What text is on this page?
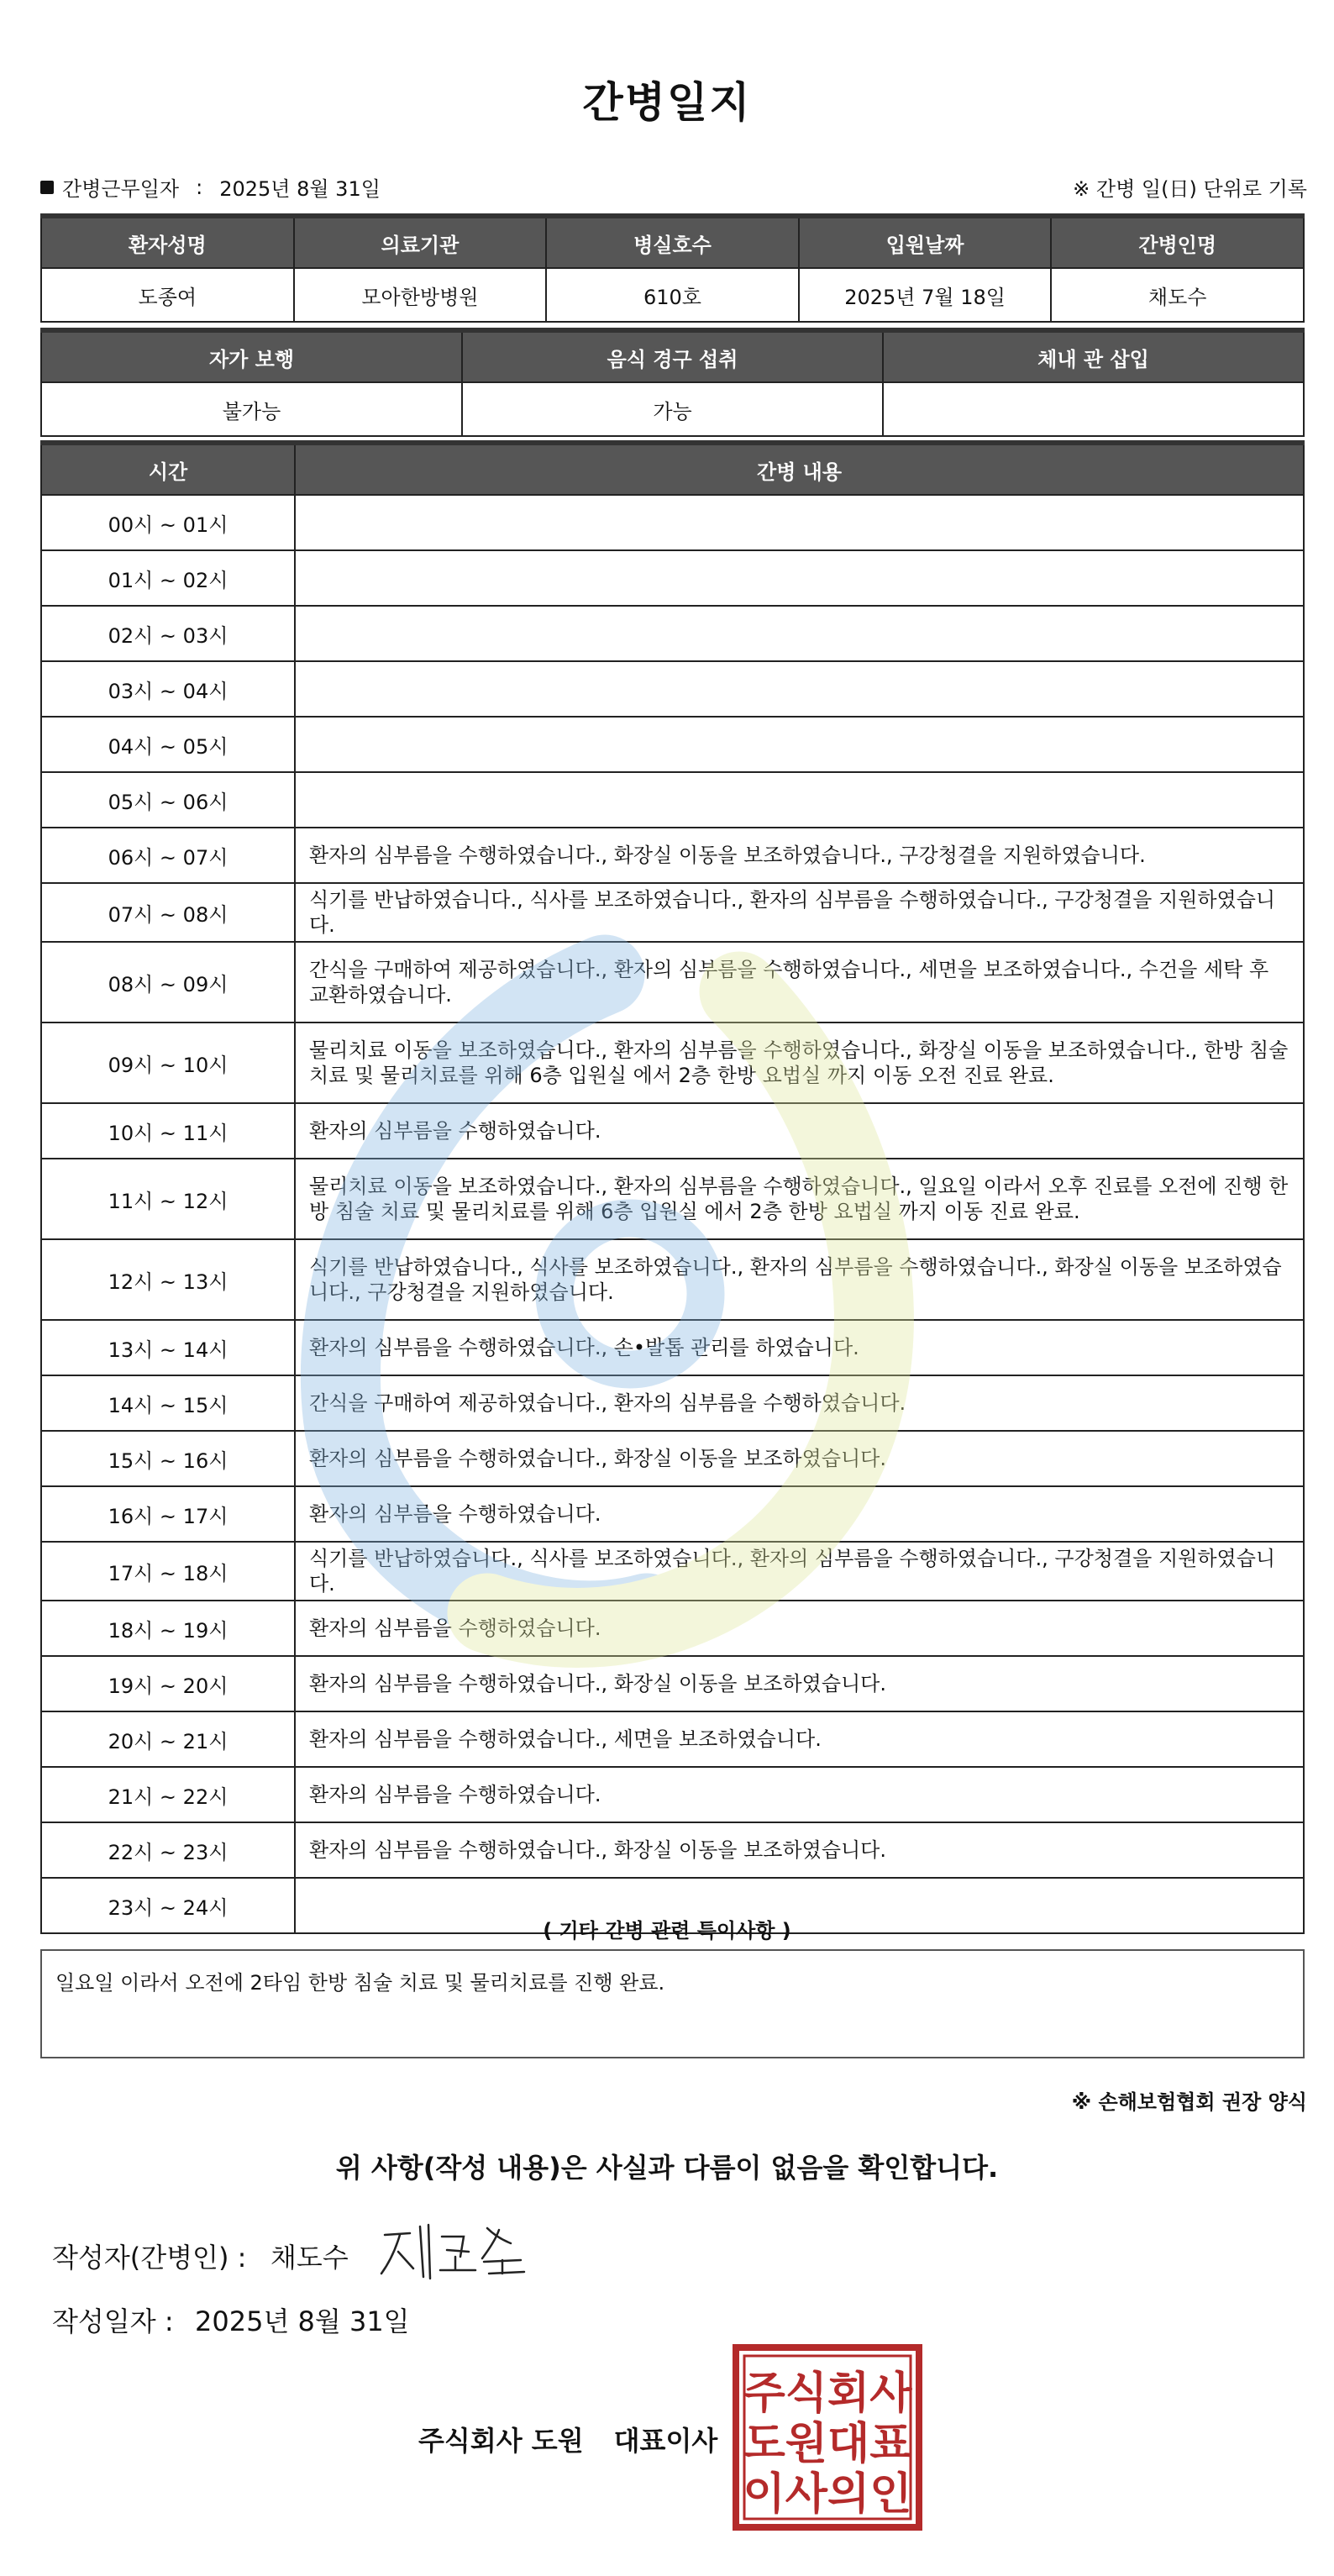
간병일지
간병근무일자 : 2025년 8월 31일	※ 간병 일(日) 단위로 기록
환자성명	의료기관	병실호수	입원날짜	간병인명
도종여	모아한방병원	610호	2025년 7월 18일	채도수
자가 보행	음식 경구 섭취	체내 관 삽입
불가능	가능	
시간	간병 내용
00시 ~ 01시	
01시 ~ 02시	
02시 ~ 03시	
03시 ~ 04시	
04시 ~ 05시	
05시 ~ 06시	
06시 ~ 07시	환자의 심부름을 수행하였습니다., 화장실 이동을 보조하였습니다., 구강청결을 지원하였습니다.
07시 ~ 08시	식기를 반납하였습니다., 식사를 보조하였습니다., 환자의 심부름을 수행하였습니다., 구강청결을 지원하였습니다.
08시 ~ 09시	간식을 구매하여 제공하였습니다., 환자의 심부름을 수행하였습니다., 세면을 보조하였습니다., 수건을 세탁 후 교환하였습니다.
09시 ~ 10시	물리치료 이동을 보조하였습니다., 환자의 심부름을 수행하였습니다., 화장실 이동을 보조하였습니다., 한방 침술 치료 및 물리치료를 위해 6층 입원실 에서 2층 한방 요법실 까지 이동 오전 진료 완료.
10시 ~ 11시	환자의 심부름을 수행하였습니다.
11시 ~ 12시	물리치료 이동을 보조하였습니다., 환자의 심부름을 수행하였습니다., 일요일 이라서 오후 진료를 오전에 진행 한방 침술 치료 및 물리치료를 위해 6층 입원실 에서 2층 한방 요법실 까지 이동 진료 완료.
12시 ~ 13시	식기를 반납하였습니다., 식사를 보조하였습니다., 환자의 심부름을 수행하였습니다., 화장실 이동을 보조하였습니다., 구강청결을 지원하였습니다.
13시 ~ 14시	환자의 심부름을 수행하였습니다., 손•발톱 관리를 하였습니다.
14시 ~ 15시	간식을 구매하여 제공하였습니다., 환자의 심부름을 수행하였습니다.
15시 ~ 16시	환자의 심부름을 수행하였습니다., 화장실 이동을 보조하였습니다.
16시 ~ 17시	환자의 심부름을 수행하였습니다.
17시 ~ 18시	식기를 반납하였습니다., 식사를 보조하였습니다., 환자의 심부름을 수행하였습니다., 구강청결을 지원하였습니다.
18시 ~ 19시	환자의 심부름을 수행하였습니다.
19시 ~ 20시	환자의 심부름을 수행하였습니다., 화장실 이동을 보조하였습니다.
20시 ~ 21시	환자의 심부름을 수행하였습니다., 세면을 보조하였습니다.
21시 ~ 22시	환자의 심부름을 수행하였습니다.
22시 ~ 23시	환자의 심부름을 수행하였습니다., 화장실 이동을 보조하였습니다.
23시 ~ 24시	
( 기타 간병 관련 특이사항 )
일요일 이라서 오전에 2타임 한방 침술 치료 및 물리치료를 진행 완료.
※ 손해보험협회 권장 양식
위 사항(작성 내용)은 사실과 다름이 없음을 확인합니다.
작성자(간병인) : 채도수
작성일자 : 2025년 8월 31일
주식회사 도원 대표이사
주식회사
도원대표
이사의인
